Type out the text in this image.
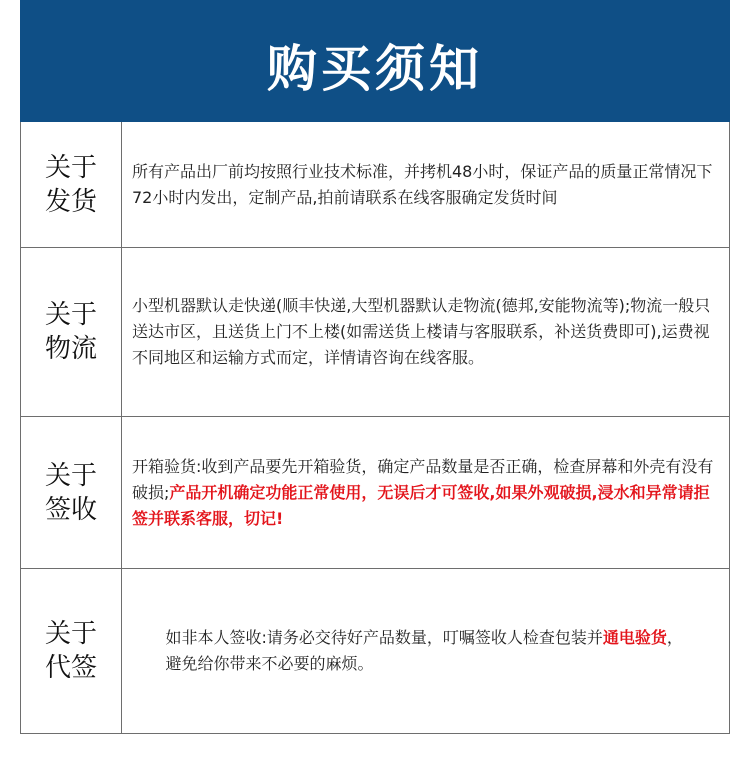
购买须知
关于
发货
所有产品出厂前均按照行业技术标准，并拷机48小时，保证产品的质量正常情况下72小时内发出，定制产品,拍前请联系在线客服确定发货时间
关于
物流
小型机器默认走快递(顺丰快递,大型机器默认走物流(德邦,安能物流等);物流一般只送达市区，且送货上门不上楼(如需送货上楼请与客服联系，补送货费即可),运费视不同地区和运输方式而定，详情请咨询在线客服。
关于
签收
开箱验货:收到产品要先开箱验货，确定产品数量是否正确，检查屏幕和外壳有没有破损;产品开机确定功能正常使用，无误后才可签收,如果外观破损,浸水和异常请拒签并联系客服，切记!
关于
代签
如非本人签收:请务必交待好产品数量，叮嘱签收人检查包装并通电验货，避免给你带来不必要的麻烦。
